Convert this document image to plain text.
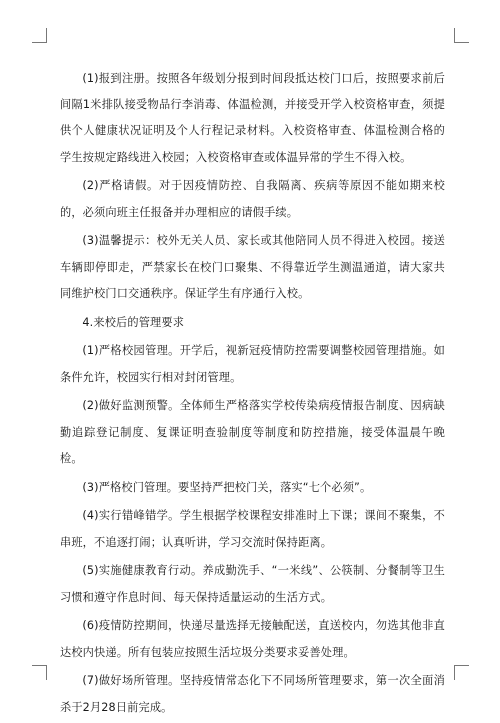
(1)报到注册。按照各年级划分报到时间段抵达校门口后，按照要求前后间隔1米排队接受物品行李消毒、体温检测，并接受开学入校资格审查，须提供个人健康状况证明及个人行程记录材料。入校资格审查、体温检测合格的学生按规定路线进入校园；入校资格审查或体温异常的学生不得入校。

(2)严格请假。对于因疫情防控、自我隔离、疾病等原因不能如期来校的，必须向班主任报备并办理相应的请假手续。

(3)温馨提示：校外无关人员、家长或其他陪同人员不得进入校园。接送车辆即停即走，严禁家长在校门口聚集、不得靠近学生测温通道，请大家共同维护校门口交通秩序。保证学生有序通行入校。

4.来校后的管理要求

(1)严格校园管理。开学后，视新冠疫情防控需要调整校园管理措施。如条件允许，校园实行相对封闭管理。

(2)做好监测预警。全体师生严格落实学校传染病疫情报告制度、因病缺勤追踪登记制度、复课证明查验制度等制度和防控措施，接受体温晨午晚检。

(3)严格校门管理。要坚持严把校门关，落实“七个必须”。

(4)实行错峰错学。学生根据学校课程安排准时上下课；课间不聚集，不串班，不追逐打闹；认真听讲，学习交流时保持距离。

(5)实施健康教育行动。养成勤洗手、“一米线”、公筷制、分餐制等卫生习惯和遵守作息时间、每天保持适量运动的生活方式。

(6)疫情防控期间，快递尽量选择无接触配送，直送校内，勿选其他非直达校内快递。所有包装应按照生活垃圾分类要求妥善处理。

(7)做好场所管理。坚持疫情常态化下不同场所管理要求，第一次全面消杀于2月28日前完成。
